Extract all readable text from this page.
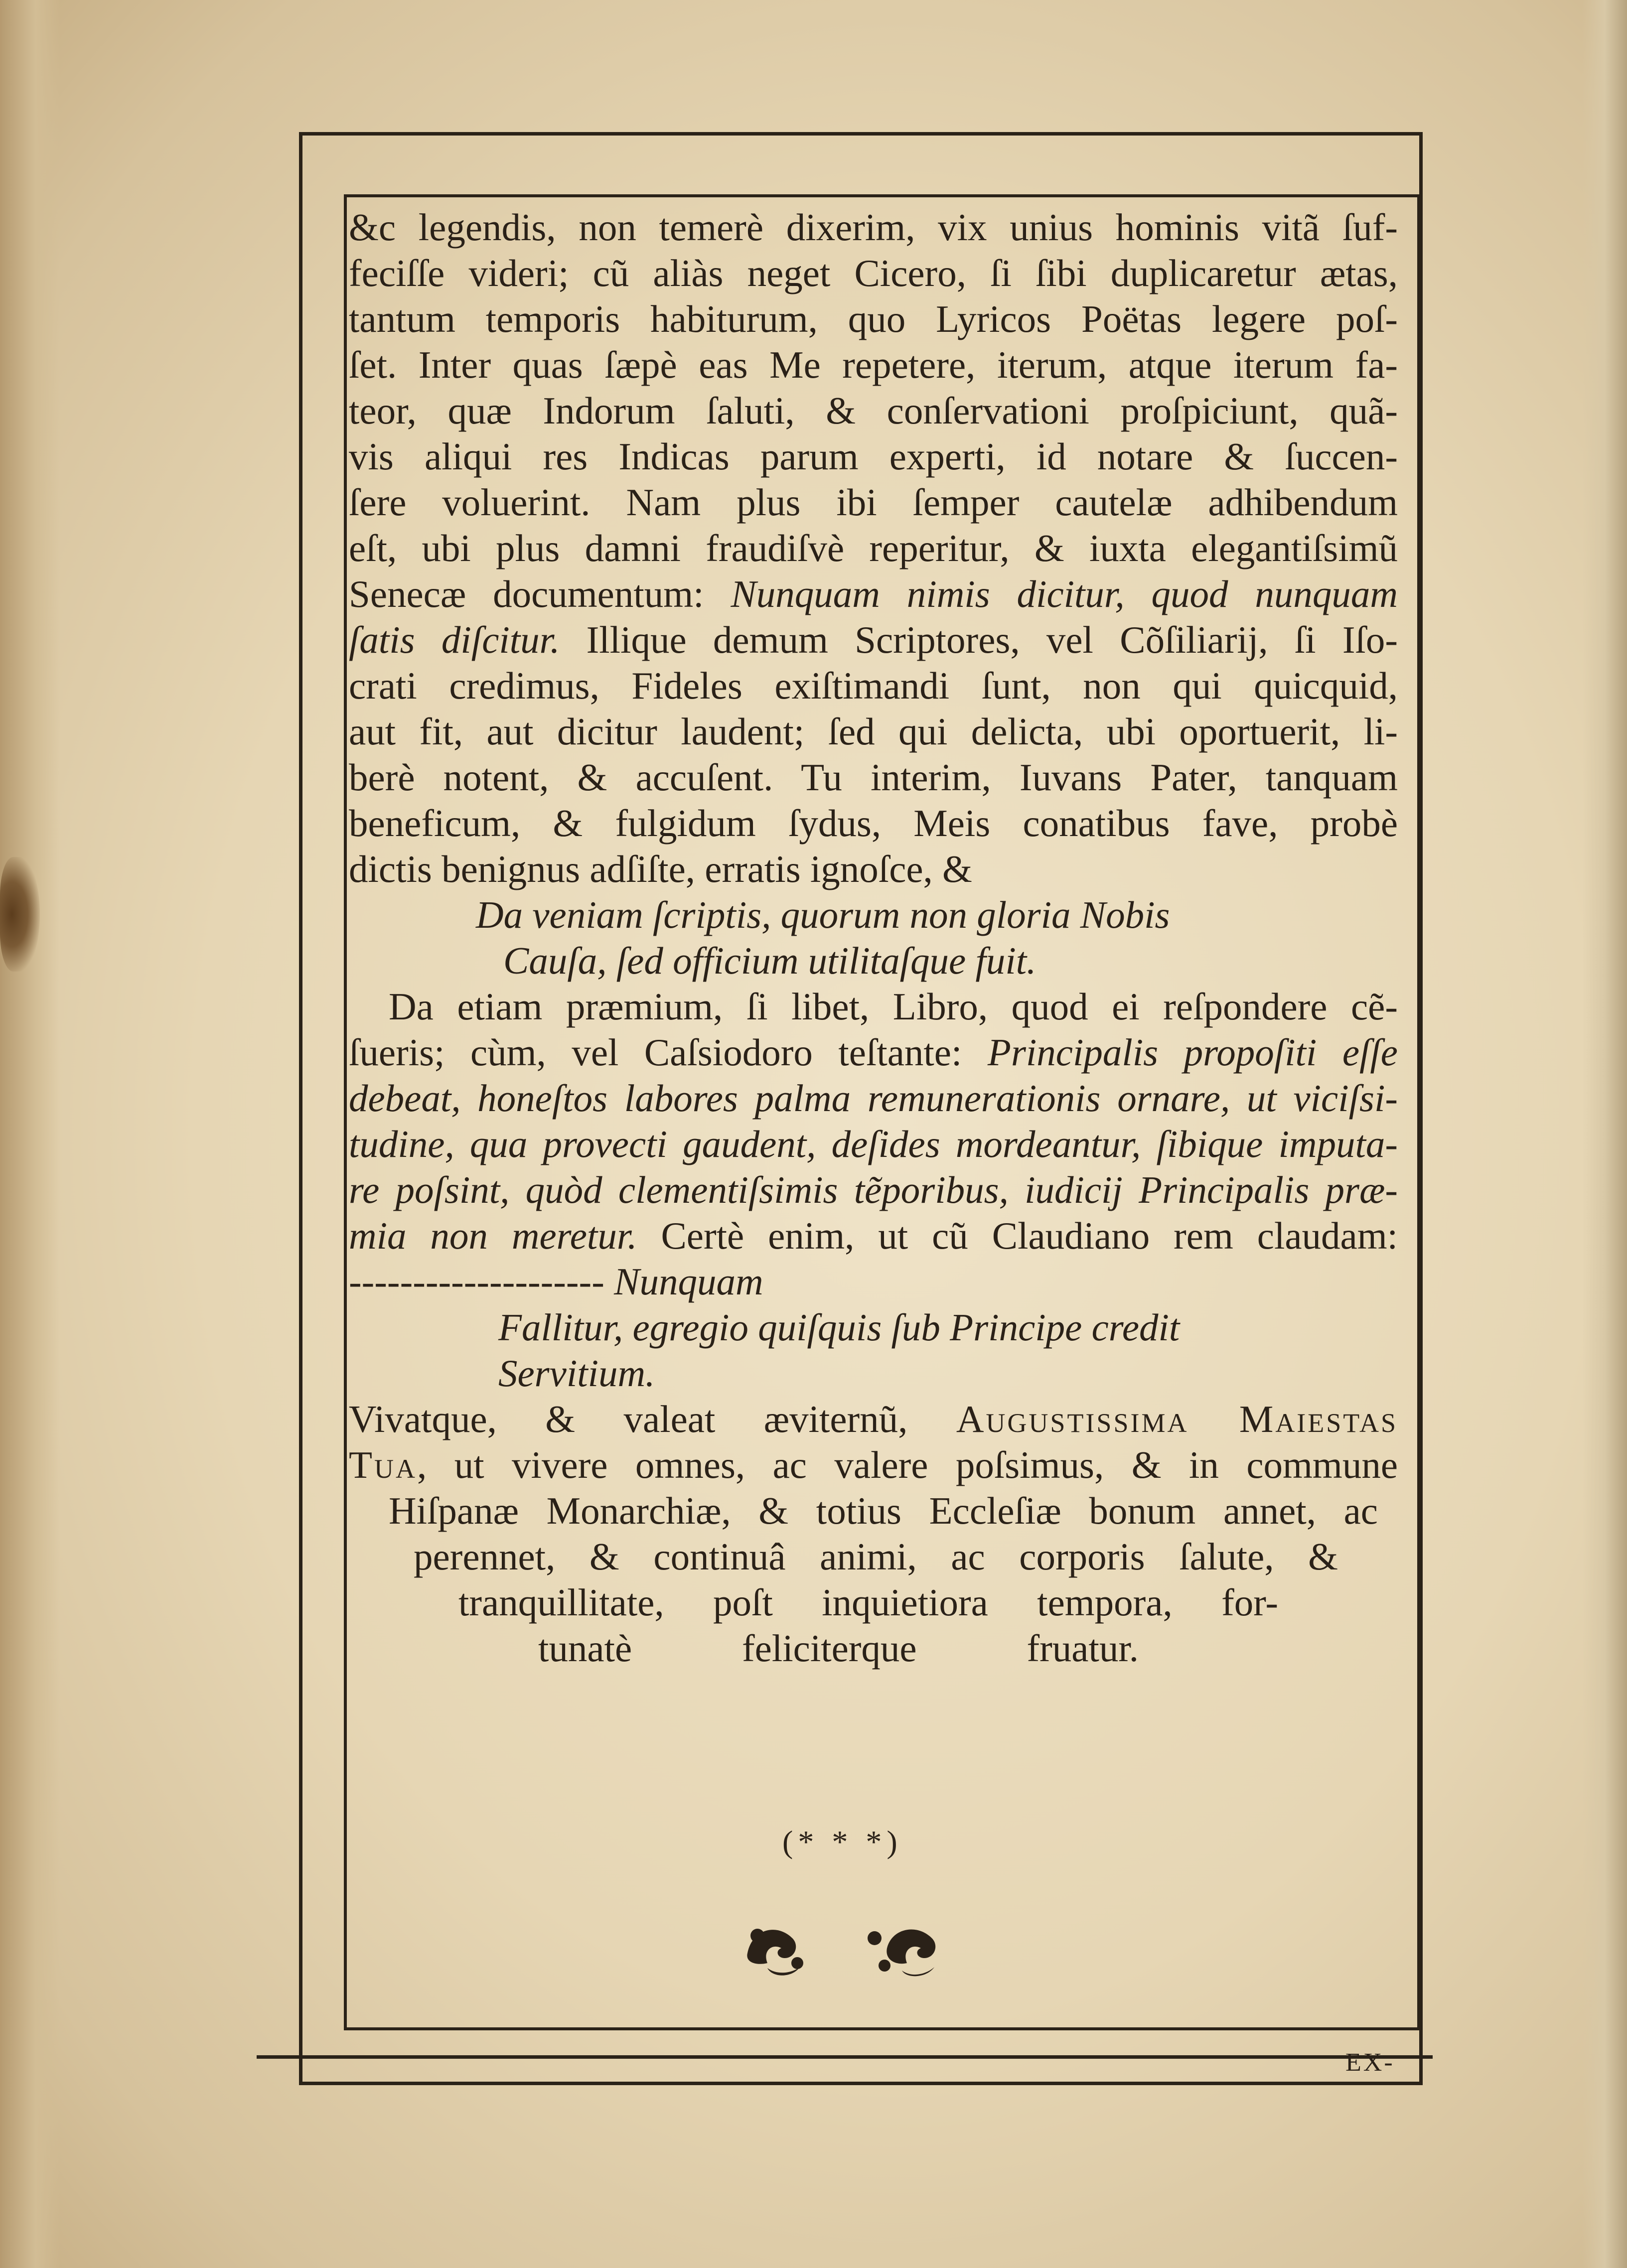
&c legendis, non temerè dixerim, vix unius hominis vitã ſuf-
feciſſe videri; cũ aliàs neget Cicero, ſi ſibi duplicaretur ætas,
tantum temporis habiturum, quo Lyricos Poëtas legere poſ-
ſet. Inter quas ſæpè eas Me repetere, iterum, atque iterum fa-
teor, quæ Indorum ſaluti, & conſervationi proſpiciunt, quã-
vis aliqui res Indicas parum experti, id notare & ſuccen-
ſere voluerint. Nam plus ibi ſemper cautelæ adhibendum
eſt, ubi plus damni fraudiſvè reperitur, & iuxta elegantiſsimũ
Senecæ documentum: Nunquam nimis dicitur, quod nunquam
ſatis diſcitur. Illique demum Scriptores, vel Cõſiliarij, ſi Iſo-
crati credimus, Fideles exiſtimandi ſunt, non qui quicquid,
aut fit, aut dicitur laudent; ſed qui delicta, ubi oportuerit, li-
berè notent, & accuſent. Tu interim, Iuvans Pater, tanquam
beneficum, & fulgidum ſydus, Meis conatibus fave, probè
dictis benignus adſiſte, erratis ignoſce, &
Da veniam ſcriptis, quorum non gloria Nobis
Cauſa, ſed officium utilitaſque fuit.
Da etiam præmium, ſi libet, Libro, quod ei reſpondere cẽ-
ſueris; cùm, vel Caſsiodoro teſtante: Principalis propoſiti eſſe
debeat, honeſtos labores palma remunerationis ornare, ut viciſsi-
tudine, qua provecti gaudent, deſides mordeantur, ſibique imputa-
re poſsint, quòd clementiſsimis tẽporibus, iudicij Principalis præ-
mia non meretur. Certè enim, ut cũ Claudiano rem claudam:
-------------------- Nunquam
Fallitur, egregio quiſquis ſub Principe credit
Servitium.
Vivatque, & valeat æviternũ, Augustissima Maiestas
Tua, ut vivere omnes, ac valere poſsimus, & in commune
Hiſpanæ Monarchiæ, & totius Eccleſiæ bonum annet, ac
perennet, & continuâ animi, ac corporis ſalute, &
tranquillitate, poſt inquietiora tempora, for-
tunatè feliciterque fruatur.
(* * *)
EX-
